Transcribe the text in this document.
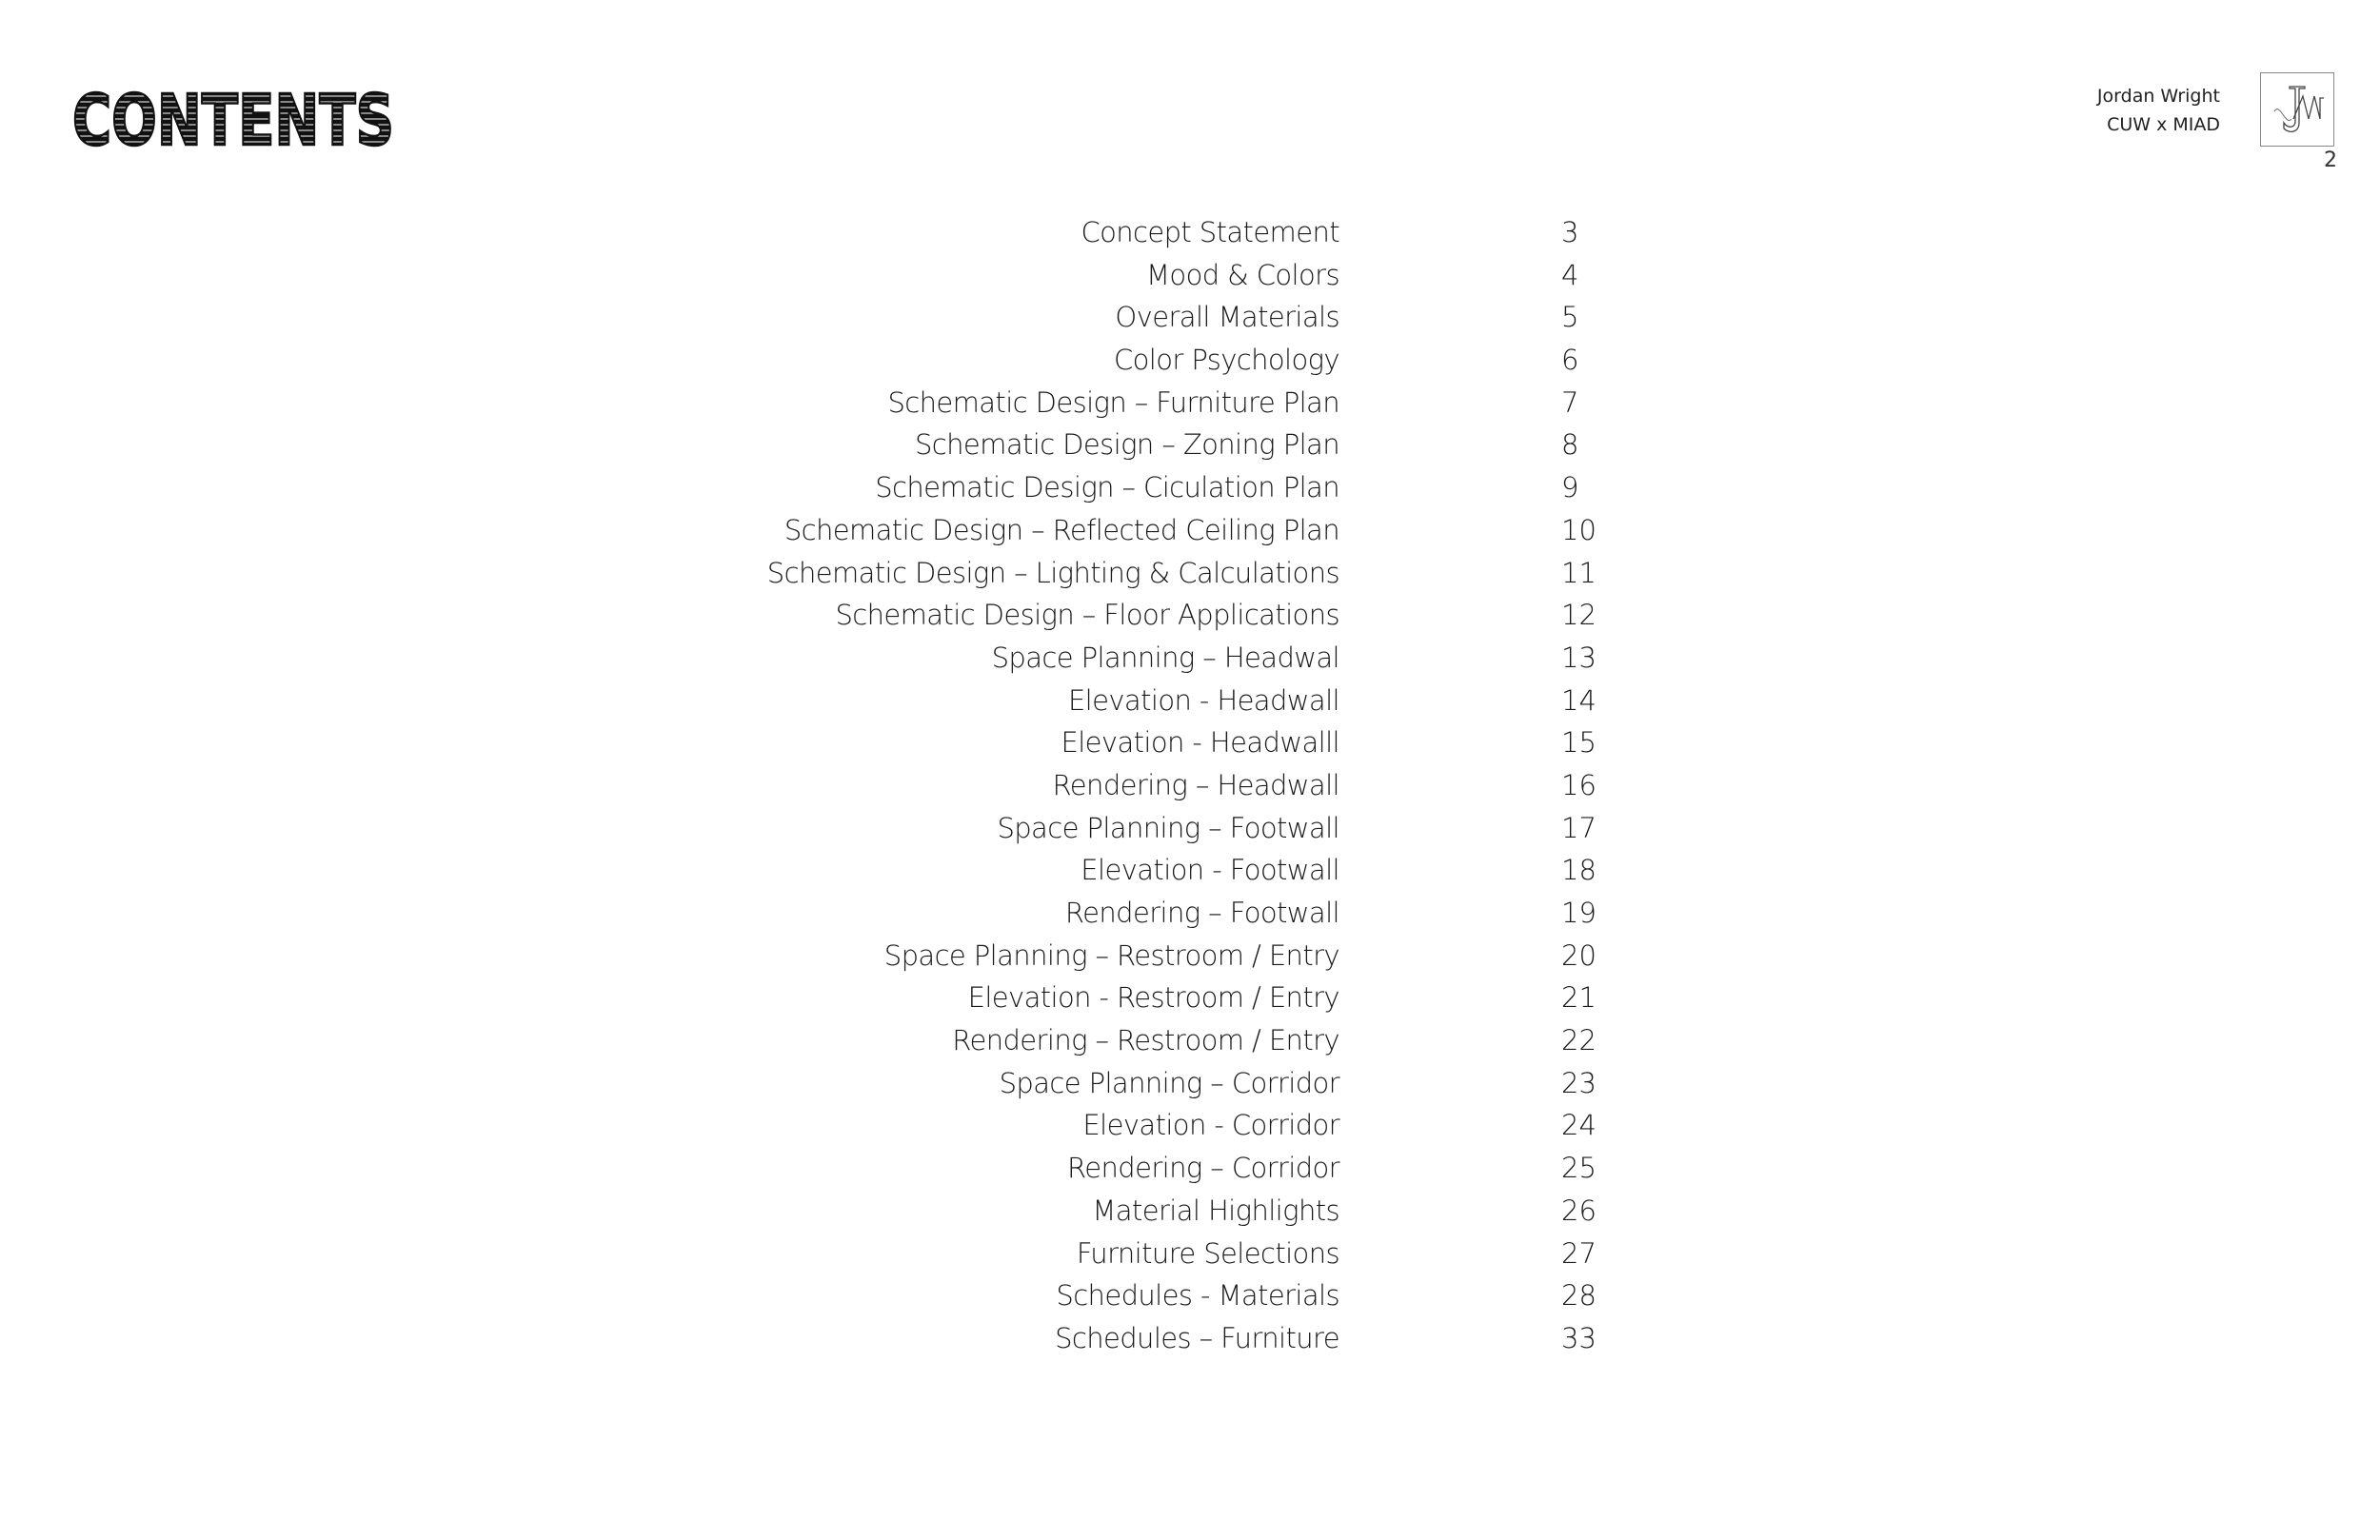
CONTENTS	Jordan Wright
CUW x MIAD
2
Concept Statement	3
Mood & Colors	4
Overall Materials	5
Color Psychology	6
Schematic Design – Furniture Plan	7
Schematic Design – Zoning Plan	8
Schematic Design – Ciculation Plan	9
Schematic Design – Reflected Ceiling Plan	10
Schematic Design – Lighting & Calculations	11
Schematic Design – Floor Applications	12
Space Planning – Headwal	13
Elevation - Headwall	14
Elevation - Headwalll	15
Rendering – Headwall	16
Space Planning – Footwall	17
Elevation - Footwall	18
Rendering – Footwall	19
Space Planning – Restroom / Entry	20
Elevation - Restroom / Entry	21
Rendering – Restroom / Entry	22
Space Planning – Corridor	23
Elevation - Corridor	24
Rendering – Corridor	25
Material Highlights	26
Furniture Selections	27
Schedules - Materials	28
Schedules – Furniture	33
